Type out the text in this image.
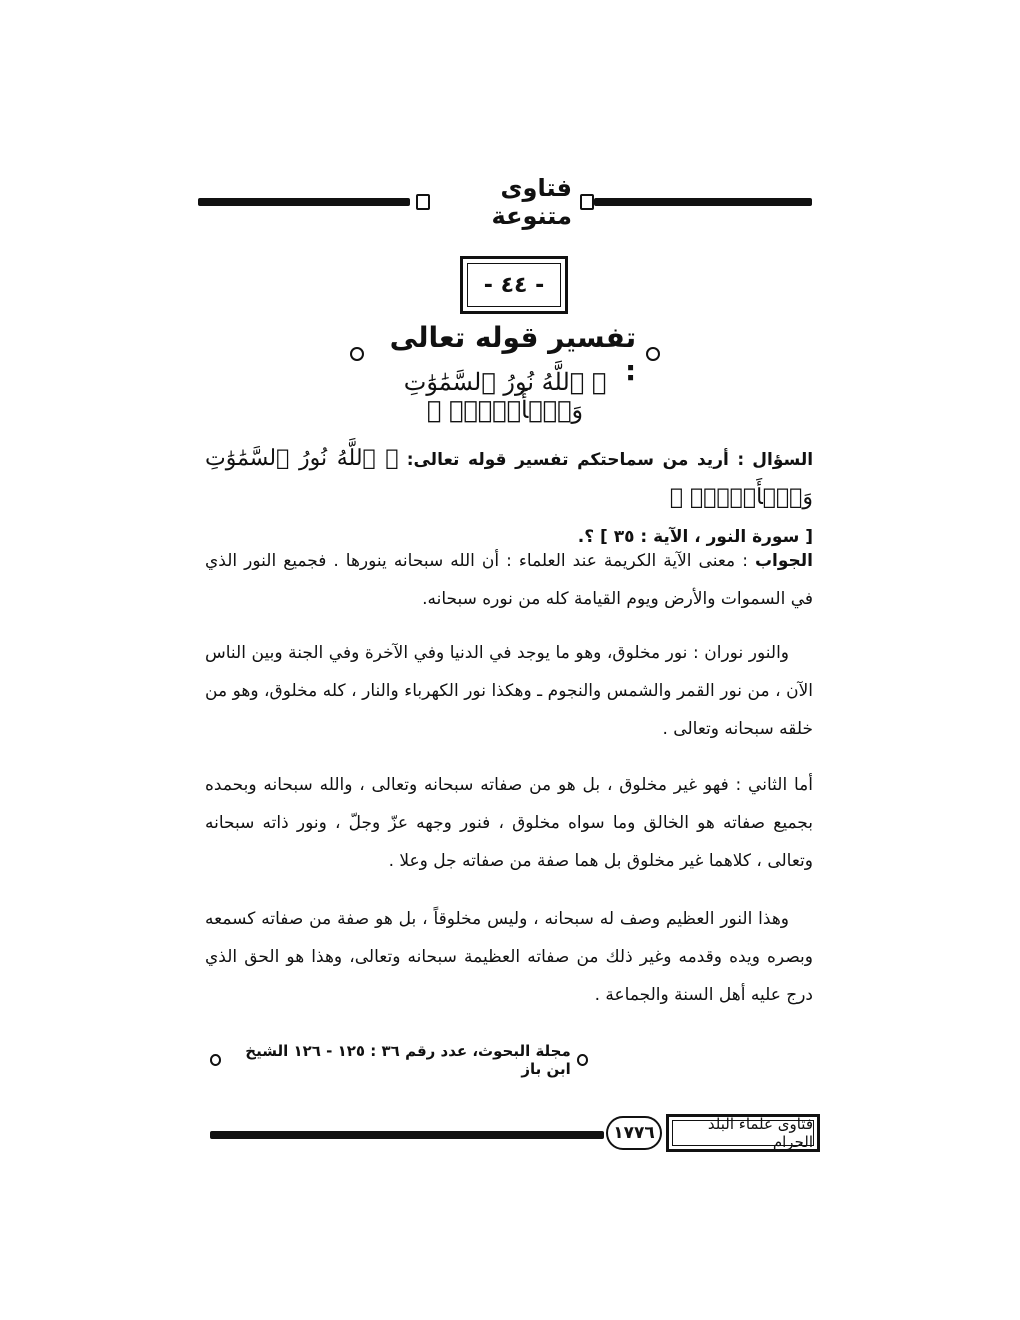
فتاوى متنوعة
- ٤٤ -
تفسير قوله تعالى :
﴿ ٱللَّهُ نُورُ ٱلسَّمَٰوَٰتِ وَٱلۡأَرۡضِۚ ﴾
السؤال : أريد من سماحتكم تفسير قوله تعالى: ﴿ ٱللَّهُ نُورُ ٱلسَّمَٰوَٰتِ وَٱلۡأَرۡضِۚ ﴾
[ سورة النور ، الآية : ٣٥ ] ؟.
الجواب : معنى الآية الكريمة عند العلماء : أن الله سبحانه ينورها . فجميع النور الذي في السموات والأرض ويوم القيامة كله من نوره سبحانه.
والنور نوران : نور مخلوق، وهو ما يوجد في الدنيا وفي الآخرة وفي الجنة وبين الناس الآن ، من نور القمر والشمس والنجوم ـ وهكذا نور الكهرباء والنار ، كله مخلوق، وهو من خلقه سبحانه وتعالى .
أما الثاني : فهو غير مخلوق ، بل هو من صفاته سبحانه وتعالى ، والله سبحانه وبحمده بجميع صفاته هو الخالق وما سواه مخلوق ، فنور وجهه عزّ وجلّ ، ونور ذاته سبحانه وتعالى ، كلاهما غير مخلوق بل هما صفة من صفاته جل وعلا .
وهذا النور العظيم وصف له سبحانه ، وليس مخلوقاً ، بل هو صفة من صفاته كسمعه وبصره ويده وقدمه وغير ذلك من صفاته العظيمة سبحانه وتعالى، وهذا هو الحق الذي درج عليه أهل السنة والجماعة .
مجلة البحوث، عدد رقم ٣٦ : ١٢٥ - ١٢٦ الشيخ ابن باز
١٧٧٦	فتاوى علماء البلد الحرام
